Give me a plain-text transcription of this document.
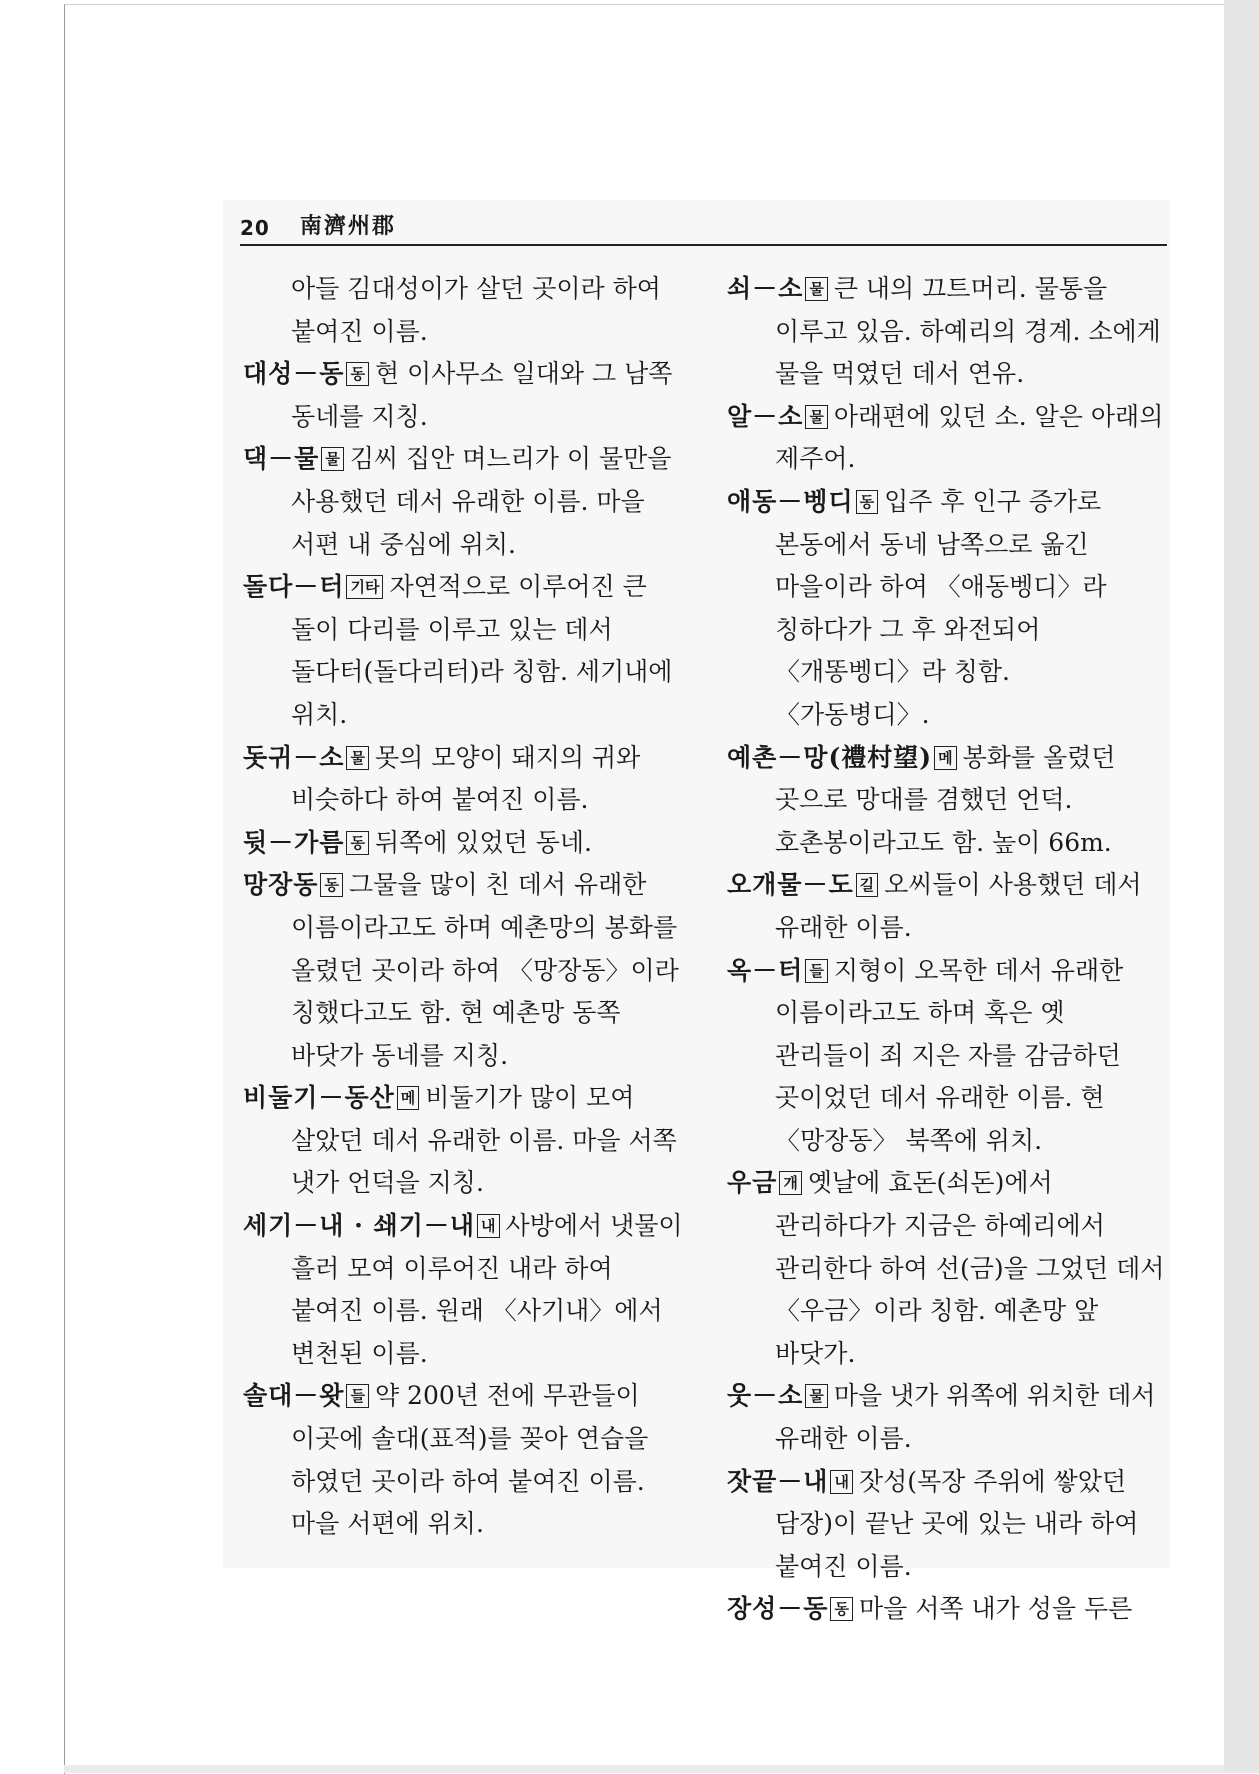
20 南濟州郡

아들 김대성이가 살던 곳이라 하여 붙여진 이름.

대성－동 동 현 이사무소 일대와 그 남쪽 동네를 지칭.

댁－물 물 김씨 집안 며느리가 이 물만을 사용했던 데서 유래한 이름. 마을 서편 내 중심에 위치.

돌다－터 기타 자연적으로 이루어진 큰 돌이 다리를 이루고 있는 데서 돌다터(돌다리터)라 칭함. 세기내에 위치.

돗귀－소 물 못의 모양이 돼지의 귀와 비슷하다 하여 붙여진 이름.

뒷－가름 동 뒤쪽에 있었던 동네.

망장동 동 그물을 많이 친 데서 유래한 이름이라고도 하며 예촌망의 봉화를 올렸던 곳이라 하여 〈망장동〉이라 칭했다고도 함. 현 예촌망 동쪽 바닷가 동네를 지칭.

비둘기－동산 메 비둘기가 많이 모여 살았던 데서 유래한 이름. 마을 서쪽 냇가 언덕을 지칭.

세기－내 · 쇄기－내 내 사방에서 냇물이 흘러 모여 이루어진 내라 하여 붙여진 이름. 원래 〈사기내〉에서 변천된 이름.

솔대－왓 들 약 200년 전에 무관들이 이곳에 솔대(표적)를 꽂아 연습을 하였던 곳이라 하여 붙여진 이름. 마을 서편에 위치.

쇠－소 물 큰 내의 끄트머리. 물통을 이루고 있음. 하예리의 경계. 소에게 물을 먹였던 데서 연유.

알－소 물 아래편에 있던 소. 알은 아래의 제주어.

애동－벵디 동 입주 후 인구 증가로 본동에서 동네 남쪽으로 옮긴 마을이라 하여 〈애동벵디〉라 칭하다가 그 후 와전되어 〈개똥벵디〉라 칭함. 〈가동병디〉.

예촌－망(禮村望) 메 봉화를 올렸던 곳으로 망대를 겸했던 언덕. 호촌봉이라고도 함. 높이 66m.

오개물－도 길 오씨들이 사용했던 데서 유래한 이름.

옥－터 들 지형이 오목한 데서 유래한 이름이라고도 하며 혹은 옛 관리들이 죄 지은 자를 감금하던 곳이었던 데서 유래한 이름. 현 〈망장동〉 북쪽에 위치.

우금 개 옛날에 효돈(쇠돈)에서 관리하다가 지금은 하예리에서 관리한다 하여 선(금)을 그었던 데서 〈우금〉이라 칭함. 예촌망 앞 바닷가.

웃－소 물 마을 냇가 위쪽에 위치한 데서 유래한 이름.

잣끝－내 내 잣성(목장 주위에 쌓았던 담장)이 끝난 곳에 있는 내라 하여 붙여진 이름.

장성－동 동 마을 서쪽 내가 성을 두른
